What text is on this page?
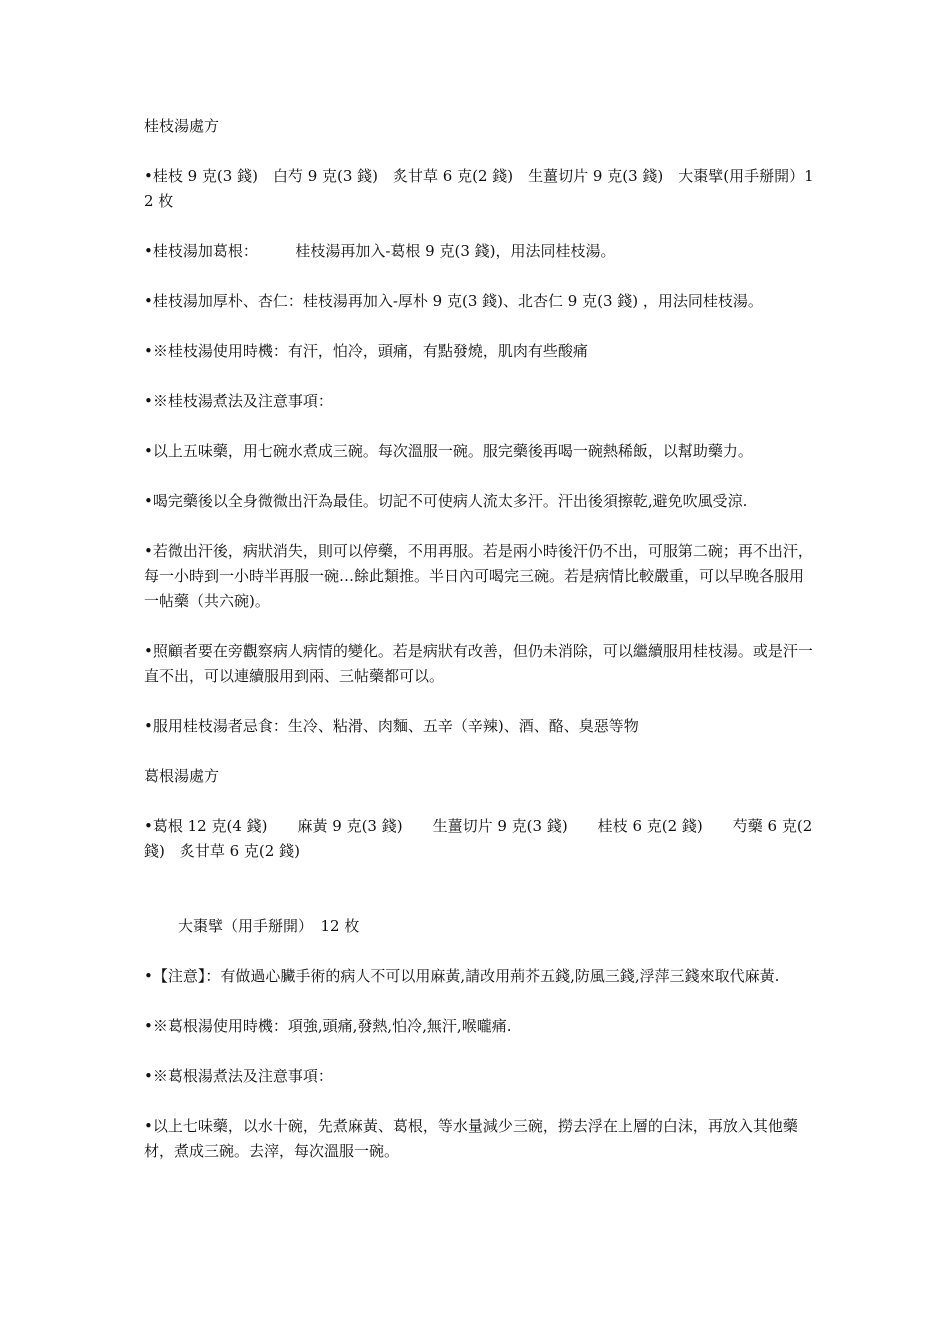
桂枝湯處方
•桂枝 9 克(3 錢)　白芍 9 克(3 錢)　炙甘草 6 克(2 錢)　生薑切片 9 克(3 錢)　大棗擘(用手掰開）12 枚
•桂枝湯加葛根：　　　桂枝湯再加入-葛根 9 克(3 錢)，用法同桂枝湯。
•桂枝湯加厚朴、杏仁：桂枝湯再加入-厚朴 9 克(3 錢)、北杏仁 9 克(3 錢) ，用法同桂枝湯。
•※桂枝湯使用時機：有汗，怕冷，頭痛，有點發燒，肌肉有些酸痛
•※桂枝湯煮法及注意事項：
•以上五味藥，用七碗水煮成三碗。每次溫服一碗。服完藥後再喝一碗熱稀飯，以幫助藥力。
•喝完藥後以全身微微出汗為最佳。切記不可使病人流太多汗。汗出後須擦乾,避免吹風受涼.
•若微出汗後，病狀消失，則可以停藥，不用再服。若是兩小時後汗仍不出，可服第二碗；再不出汗，每一小時到一小時半再服一碗…餘此類推。半日內可喝完三碗。若是病情比較嚴重，可以早晚各服用一帖藥（共六碗)。
•照顧者要在旁觀察病人病情的變化。若是病狀有改善，但仍未消除，可以繼續服用桂枝湯。或是汗一直不出，可以連續服用到兩、三帖藥都可以。
•服用桂枝湯者忌食：生冷、粘滑、肉麵、五辛（辛辣)、酒、酪、臭惡等物
葛根湯處方
•葛根 12 克(4 錢)　　麻黃 9 克(3 錢)　　生薑切片 9 克(3 錢)　　桂枝 6 克(2 錢)　　芍藥 6 克(2 錢)　炙甘草 6 克(2 錢)
大棗擘（用手掰開）　12 枚
•【注意】：有做過心臟手術的病人不可以用麻黃,請改用荊芥五錢,防風三錢,浮萍三錢來取代麻黃.
•※葛根湯使用時機：項強,頭痛,發熱,怕冷,無汗,喉嚨痛.
•※葛根湯煮法及注意事項：
•以上七味藥，以水十碗，先煮麻黃、葛根，等水量減少三碗，撈去浮在上層的白沫，再放入其他藥材，煮成三碗。去滓，每次溫服一碗。
